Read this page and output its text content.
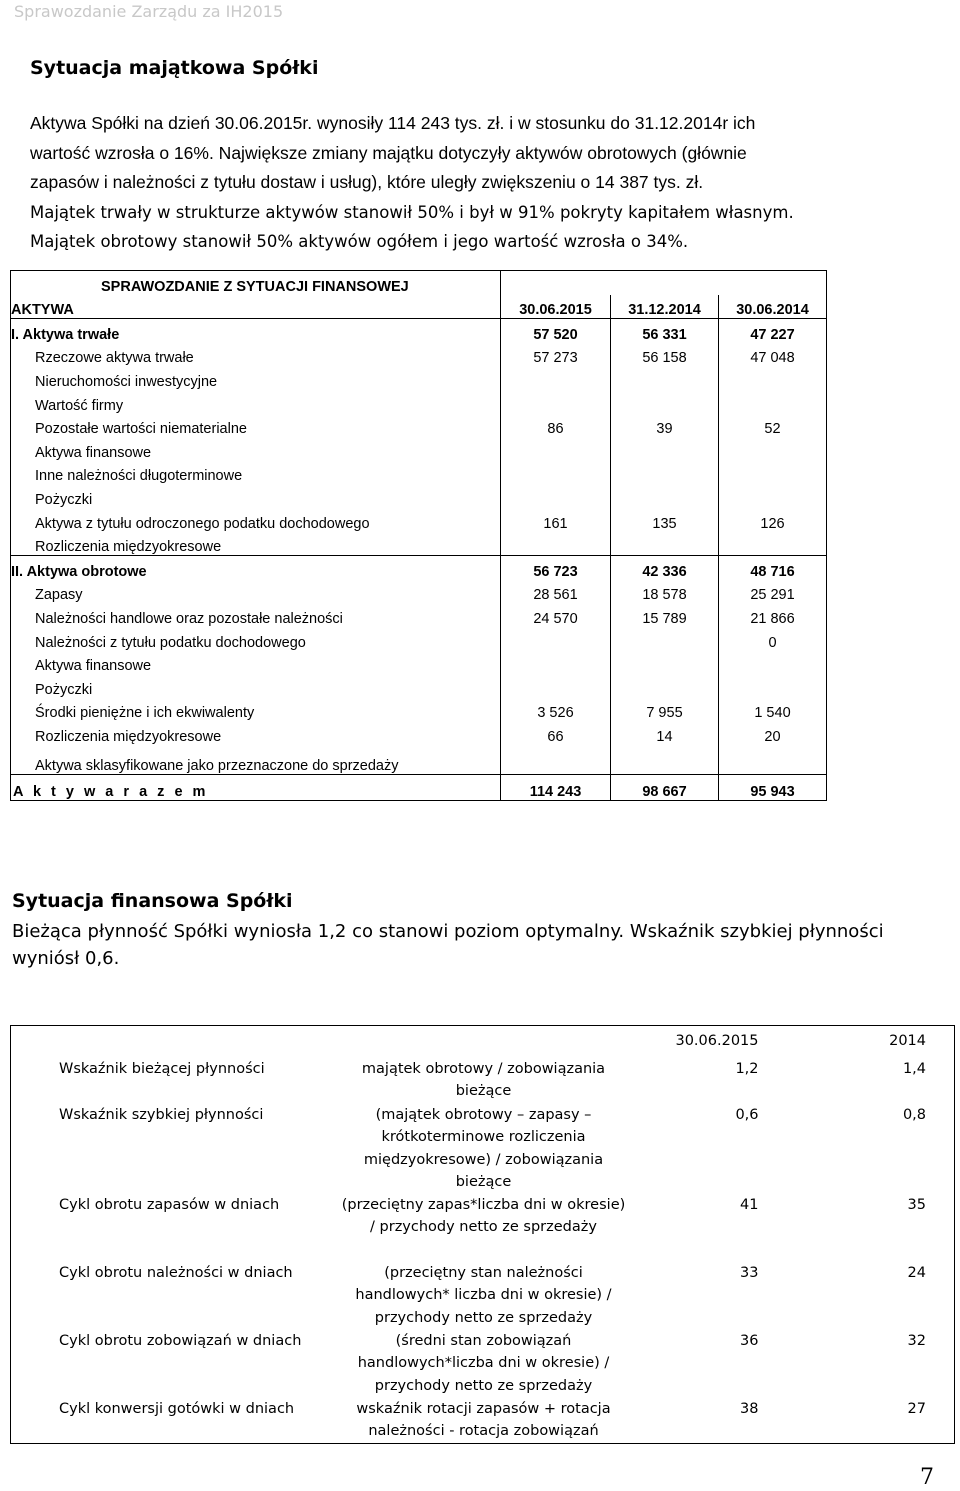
Sprawozdanie Zarządu za IH2015
Sytuacja majątkowa Spółki
Aktywa Spółki na dzień 30.06.2015r. wynosiły 114 243 tys. zł. i w stosunku do 31.12.2014r ich
wartość wzrosła o 16%. Największe zmiany majątku dotyczyły aktywów obrotowych (głównie
zapasów i należności z tytułu dostaw i usług), które uległy zwiększeniu o 14 387 tys. zł.
Majątek trwały w strukturze aktywów stanowił 50% i był w 91% pokryty kapitałem własnym.
Majątek obrotowy stanowił 50% aktywów ogółem i jego wartość wzrosła o 34%.
SPRAWOZDANIE Z SYTUACJI FINANSOWEJ			
AKTYWA	30.06.2015	31.12.2014	30.06.2014
I. Aktywa trwałe	57 520	56 331	47 227
Rzeczowe aktywa trwałe	57 273	56 158	47 048
Nieruchomości inwestycyjne			
Wartość firmy			
Pozostałe wartości niematerialne	86	39	52
Aktywa finansowe			
Inne należności długoterminowe			
Pożyczki			
Aktywa z tytułu odroczonego podatku dochodowego	161	135	126
Rozliczenia międzyokresowe			
II. Aktywa obrotowe	56 723	42 336	48 716
Zapasy	28 561	18 578	25 291
Należności handlowe oraz pozostałe należności	24 570	15 789	21 866
Należności z tytułu podatku dochodowego			0
Aktywa finansowe			
Pożyczki			
Środki pieniężne i ich ekwiwalenty	3 526	7 955	1 540
Rozliczenia międzyokresowe	66	14	20
Aktywa sklasyfikowane jako przeznaczone do sprzedaży			
A k t y w a r a z e m	114 243	98 667	95 943
Sytuacja finansowa Spółki
Bieżąca płynność Spółki wyniosła 1,2 co stanowi poziom optymalny. Wskaźnik szybkiej płynności wyniósł 0,6.
		30.06.2015	2014
Wskaźnik bieżącej płynności	majątek obrotowy / zobowiązania bieżące	1,2	1,4
Wskaźnik szybkiej płynności	(majątek obrotowy – zapasy – krótkoterminowe rozliczenia międzyokresowe) / zobowiązania bieżące	0,6	0,8
Cykl obrotu zapasów w dniach	(przeciętny zapas*liczba dni w okresie) / przychody netto ze sprzedaży	41	35
Cykl obrotu należności w dniach	(przeciętny stan należności handlowych* liczba dni w okresie) / przychody netto ze sprzedaży	33	24
Cykl obrotu zobowiązań w dniach	(średni stan zobowiązań handlowych*liczba dni w okresie) / przychody netto ze sprzedaży	36	32
Cykl konwersji gotówki w dniach	wskaźnik rotacji zapasów + rotacja należności - rotacja zobowiązań	38	27
7
